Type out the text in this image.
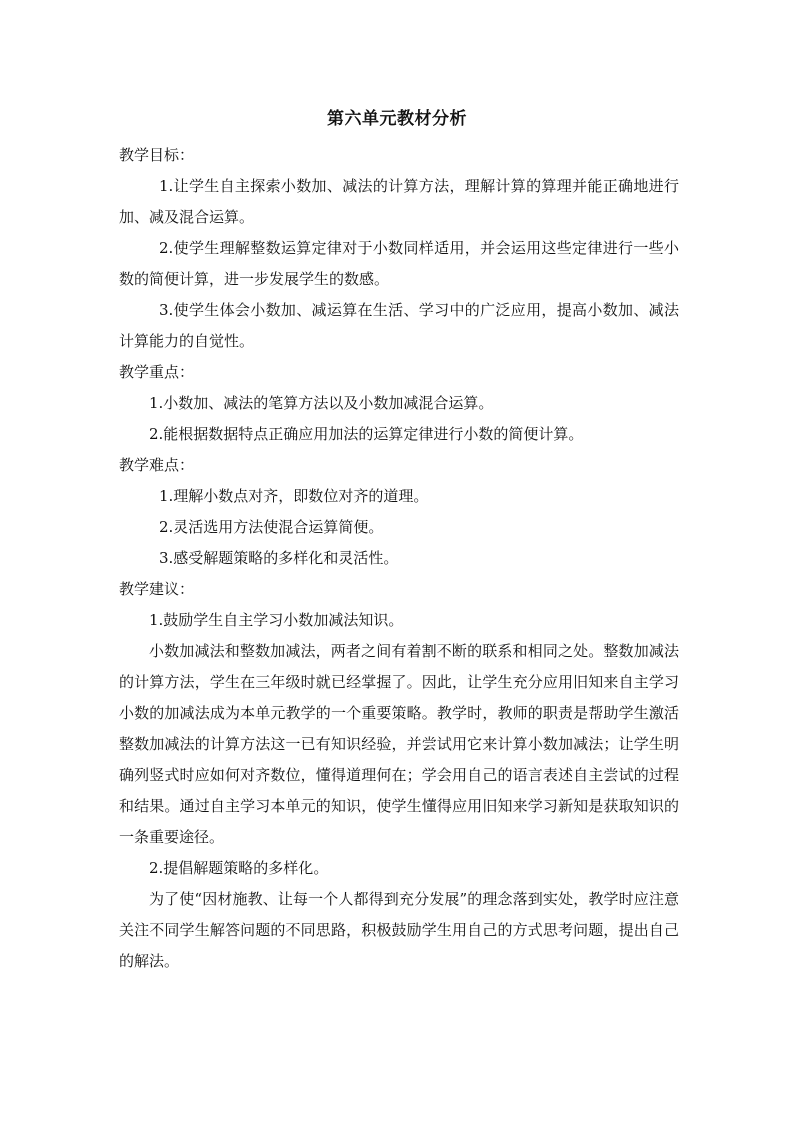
第六单元教材分析

教学目标：

1.让学生自主探索小数加、减法的计算方法，理解计算的算理并能正确地进行加、减及混合运算。

2.使学生理解整数运算定律对于小数同样适用，并会运用这些定律进行一些小数的简便计算，进一步发展学生的数感。

3.使学生体会小数加、减运算在生活、学习中的广泛应用，提高小数加、减法计算能力的自觉性。

教学重点：

1.小数加、减法的笔算方法以及小数加减混合运算。

2.能根据数据特点正确应用加法的运算定律进行小数的简便计算。

教学难点：

1.理解小数点对齐，即数位对齐的道理。

2.灵活选用方法使混合运算简便。

3.感受解题策略的多样化和灵活性。

教学建议：

1.鼓励学生自主学习小数加减法知识。

小数加减法和整数加减法，两者之间有着割不断的联系和相同之处。整数加减法的计算方法，学生在三年级时就已经掌握了。因此，让学生充分应用旧知来自主学习小数的加减法成为本单元教学的一个重要策略。教学时，教师的职责是帮助学生激活整数加减法的计算方法这一已有知识经验，并尝试用它来计算小数加减法；让学生明确列竖式时应如何对齐数位，懂得道理何在；学会用自己的语言表述自主尝试的过程和结果。通过自主学习本单元的知识，使学生懂得应用旧知来学习新知是获取知识的一条重要途径。

2.提倡解题策略的多样化。

为了使“因材施教、让每一个人都得到充分发展”的理念落到实处，教学时应注意关注不同学生解答问题的不同思路，积极鼓励学生用自己的方式思考问题，提出自己的解法。
